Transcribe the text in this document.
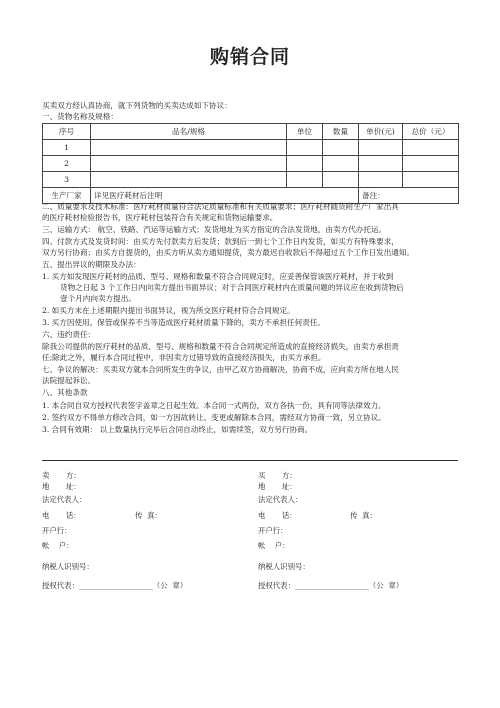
购销合同
买卖双方经认真协商，就下列货物的买卖达成如下协议：
一、货物名称及规格：
序号	品名/规格	单位	数量	单价(元)	总价（元）
1					
2					
3					
生产厂家	详见医疗耗材后注明			备注：	
二、质量要求及技术标准：医疗耗材质量符合法定质量标准和有关质量要求；医疗耗材随货附生产厂家出具
的医疗耗材检验报告书，医疗耗材包装符合有关规定和货物运输要求。
三、运输方式： 航空、铁路、汽运等运输方式；发货地址为买方指定的合法发货地，由卖方代办托运。
四、付款方式及发货时间：由买方先付款卖方后发货；款到后一到七个工作日内发货，如买方有特殊要求，
双方另行协商；由买方自提货的，由买方听从卖方通知提货，卖方最迟自收款后不得超过五个工作日发出通知。
五、提出异议的期限及办法：
1. 买方如发现医疗耗材的品质、型号、规格和数量不符合合同规定时，应妥善保管该医疗耗材，并于收到
货物之日起 3 个工作日内向卖方提出书面异议；对于合同医疗耗材内在质量问题的异议应在收到货物后
壹个月内向卖方提出。
2. 如买方未在上述期限内提出书面异议，视为所交医疗耗材符合合同规定。
3. 买方因使用、保管或保养不当等造成医疗耗材质量下降的，卖方不承担任何责任。
六、违约责任：
除我公司提供的医疗耗材的品质、型号、规格和数量不符合合同规定所造成的直接经济损失，由卖方承担责
任;除此之外，履行本合同过程中，非因卖方过错导致的直接经济损失，由买方承担。
七、争议的解决：买卖双方就本合同所发生的争议，由甲乙双方协商解决，协商不成，应向卖方所在地人民
法院提起诉讼。
八、其他条款
1. 本合同自双方授权代表签字盖章之日起生效。本合同一式两份，双方各执一份，具有同等法律效力。
2. 签约双方不得单方修改合同，如一方因故转让、变更或解除本合同，需经双方协商一致，另立协议。
3. 合同有效期： 以上数量执行完毕后合同自动终止，如需续签，双方另行协商。
卖       方：
地       址：
法定代表人：
电       话：	传  真：
开户行：
帐    户：
纳税人识别号：
授权代表：____________________（公  章）
买       方：
地       址：
法定代表人：
电       话：	传  真：
开户行：
帐    户：
纳税人识别号：
授权代表：____________________（公  章）
